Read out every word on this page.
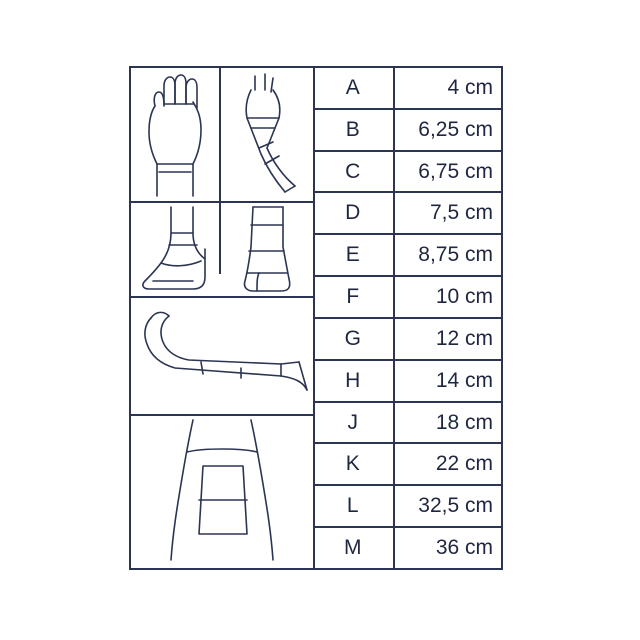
A	4 cm
B	6,25 cm
C	6,75 cm
D	7,5 cm
E	8,75 cm
F	10 cm
G	12 cm
H	14 cm
J	18 cm
K	22 cm
L	32,5 cm
M	36 cm
